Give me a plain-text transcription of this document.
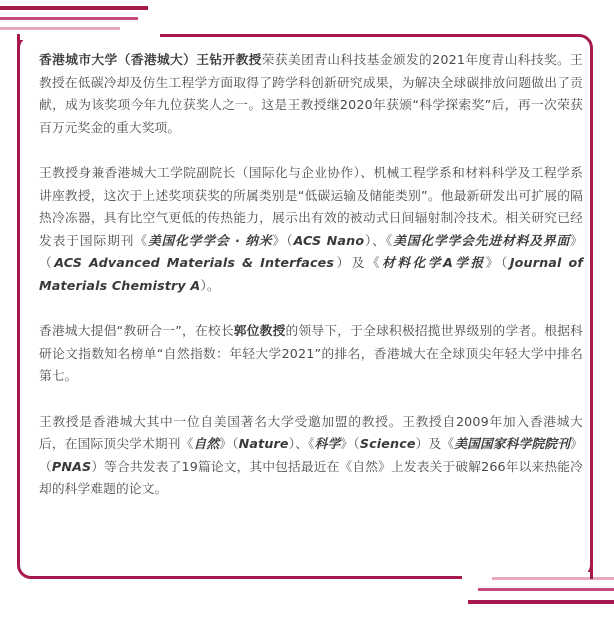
香港城市大学（香港城大）王钻开教授荣获美团青山科技基金颁发的2021年度青山科技奖。王教授在低碳冷却及仿生工程学方面取得了跨学科创新研究成果，为解决全球碳排放问题做出了贡献，成为该奖项今年九位获奖人之一。这是王教授继2020年获颁“科学探索奖”后，再一次荣获百万元奖金的重大奖项。

王教授身兼香港城大工学院副院长（国际化与企业协作）、机械工程学系和材料科学及工程学系讲座教授，这次于上述奖项获奖的所属类别是“低碳运输及储能类别”。他最新研发出可扩展的隔热冷冻器，具有比空气更低的传热能力，展示出有效的被动式日间辐射制冷技术。相关研究已经发表于国际期刊《美国化学学会 · 纳米》（ACS Nano）、《美国化学学会先进材料及界面》（ACS Advanced Materials & Interfaces）及《材料化学A学报》（Journal of Materials Chemistry A）。

香港城大提倡“教研合一”，在校长郭位教授的领导下，于全球积极招揽世界级别的学者。根据科研论文指数知名榜单“自然指数：年轻大学2021”的排名，香港城大在全球顶尖年轻大学中排名第七。

王教授是香港城大其中一位自美国著名大学受邀加盟的教授。王教授自2009年加入香港城大后，在国际顶尖学术期刊《自然》（Nature）、《科学》（Science）及《美国国家科学院院刊》（PNAS）等合共发表了19篇论文，其中包括最近在《自然》上发表关于破解266年以来热能冷却的科学难题的论文。
